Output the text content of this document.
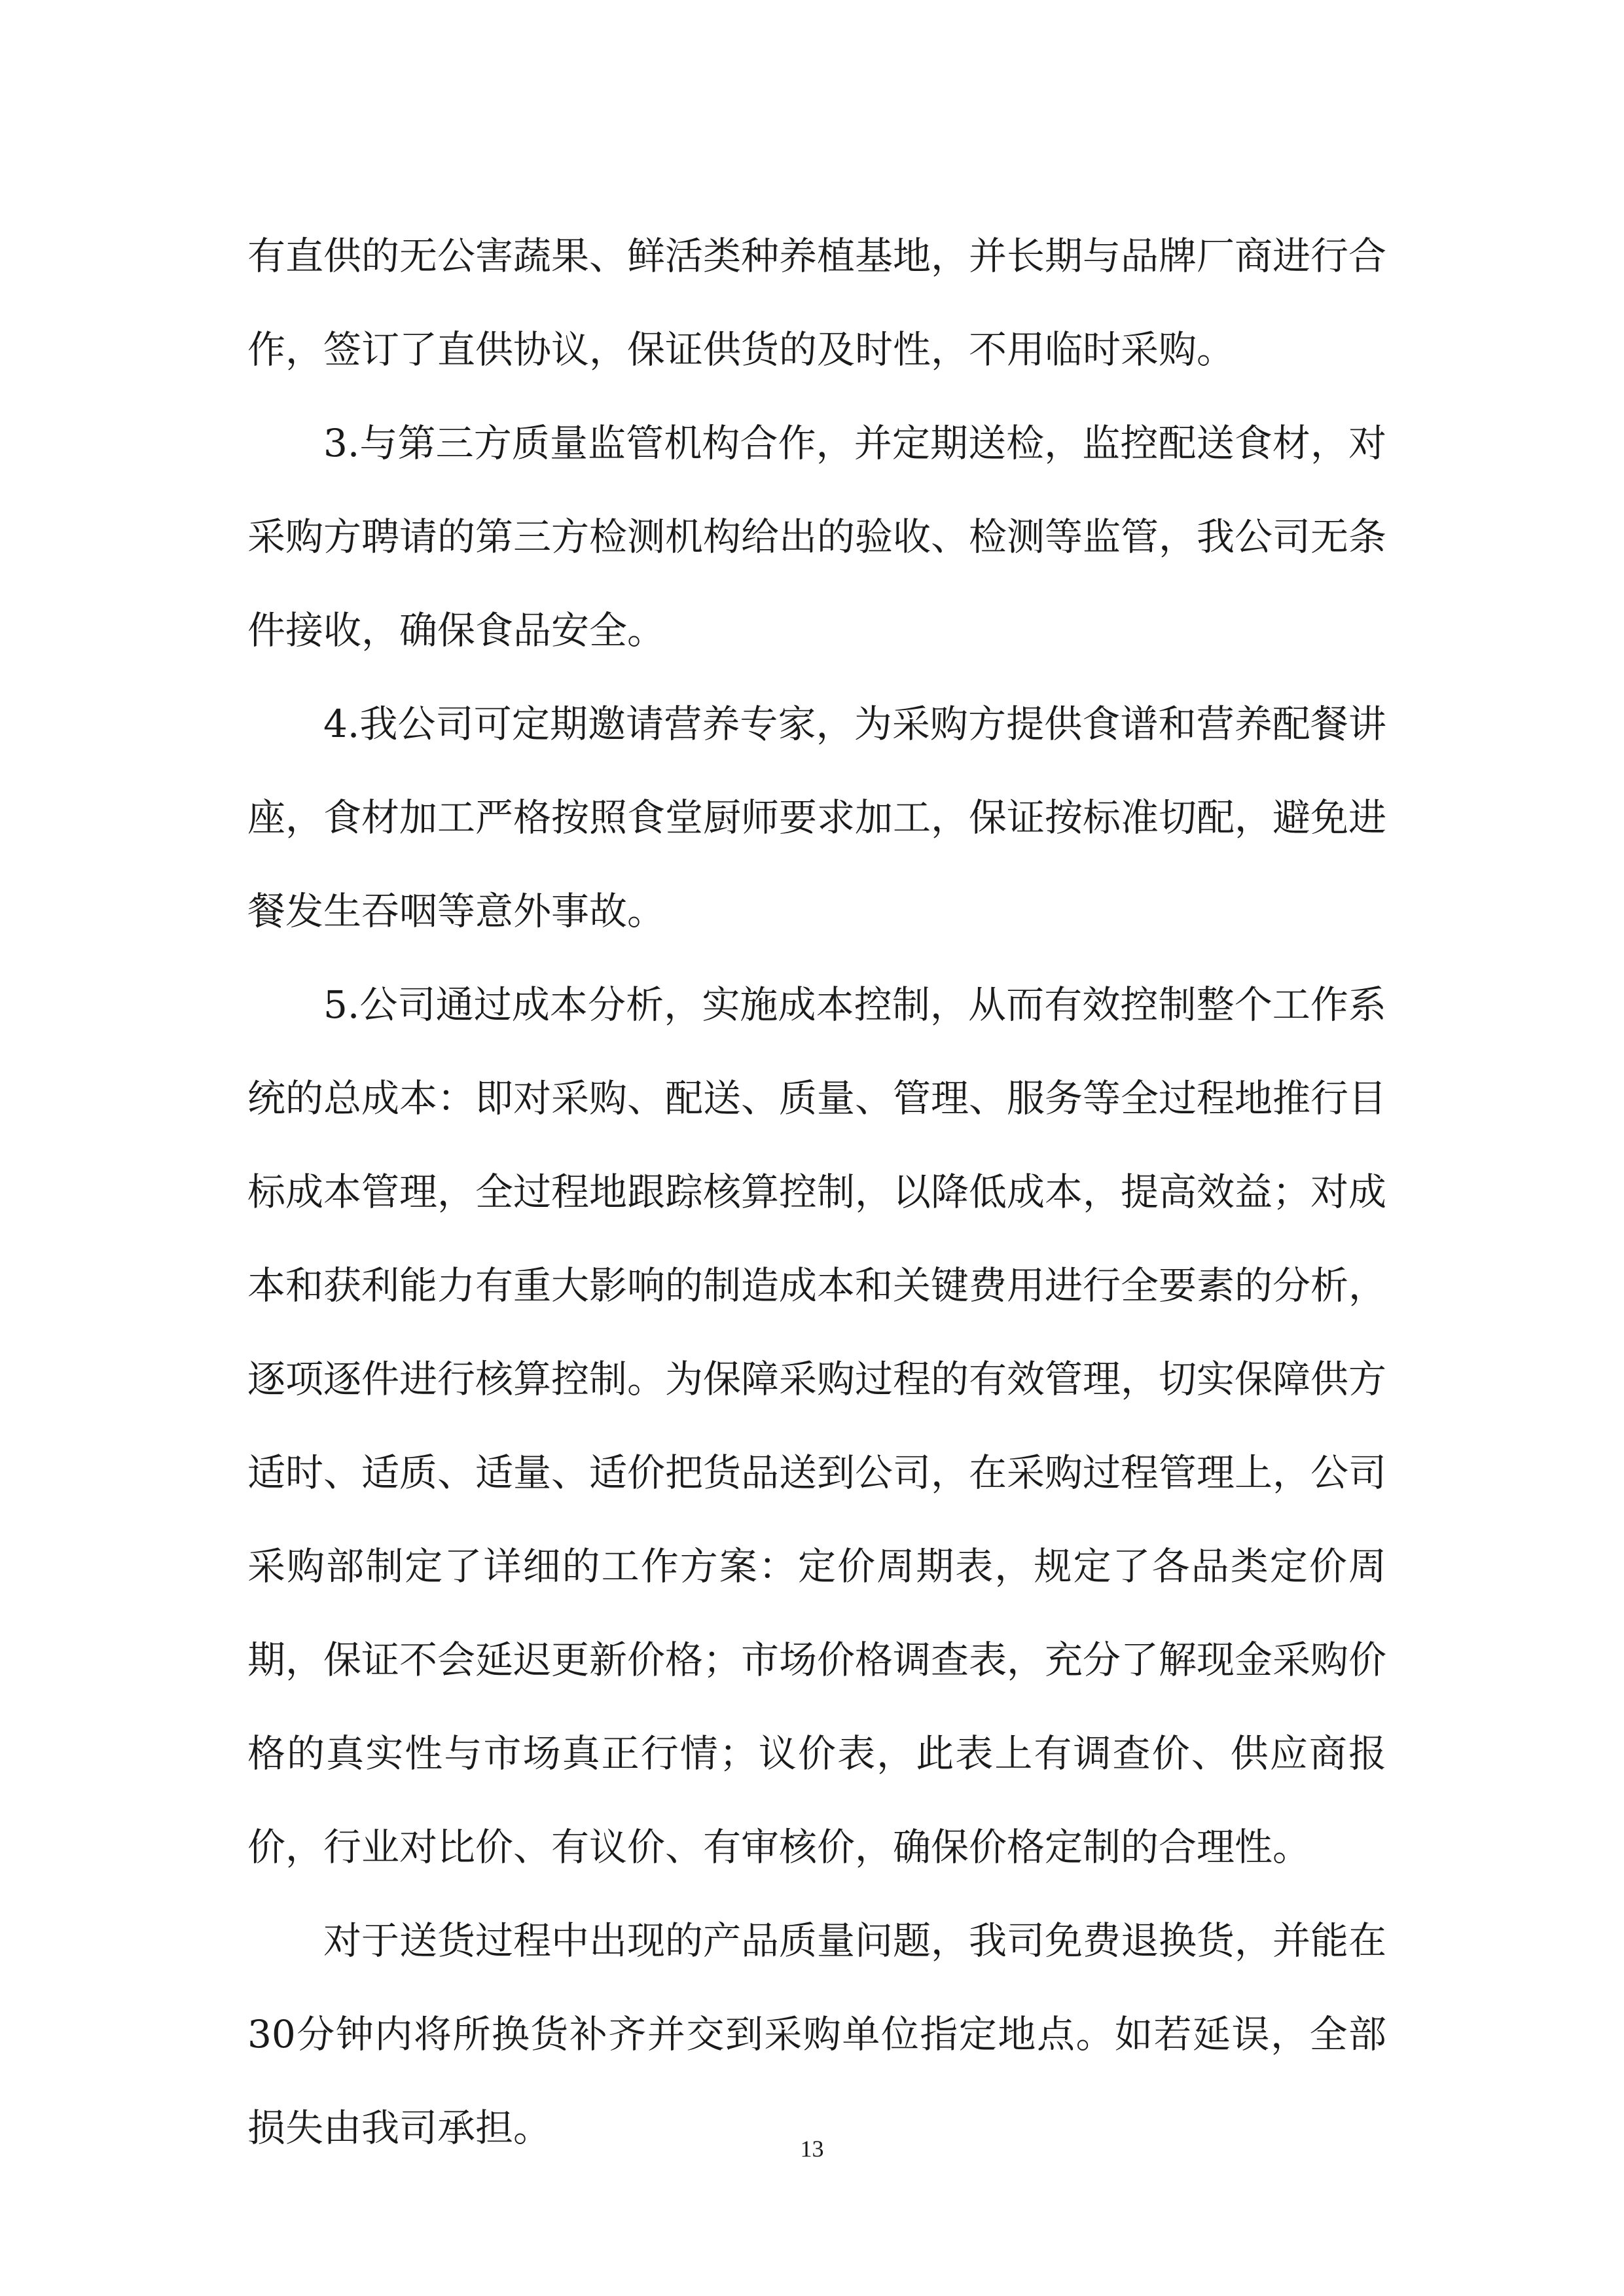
有直供的无公害蔬果、鲜活类种养植基地，并长期与品牌厂商进行合作，签订了直供协议，保证供货的及时性，不用临时采购。

3.与第三方质量监管机构合作，并定期送检，监控配送食材，对采购方聘请的第三方检测机构给出的验收、检测等监管，我公司无条件接收，确保食品安全。

4.我公司可定期邀请营养专家，为采购方提供食谱和营养配餐讲座，食材加工严格按照食堂厨师要求加工，保证按标准切配，避免进餐发生吞咽等意外事故。

5.公司通过成本分析，实施成本控制，从而有效控制整个工作系统的总成本：即对采购、配送、质量、管理、服务等全过程地推行目标成本管理，全过程地跟踪核算控制，以降低成本，提高效益；对成本和获利能力有重大影响的制造成本和关键费用进行全要素的分析，逐项逐件进行核算控制。为保障采购过程的有效管理，切实保障供方适时、适质、适量、适价把货品送到公司，在采购过程管理上，公司采购部制定了详细的工作方案：定价周期表，规定了各品类定价周期，保证不会延迟更新价格；市场价格调查表，充分了解现金采购价格的真实性与市场真正行情；议价表，此表上有调查价、供应商报价，行业对比价、有议价、有审核价，确保价格定制的合理性。

对于送货过程中出现的产品质量问题，我司免费退换货，并能在30分钟内将所换货补齐并交到采购单位指定地点。如若延误，全部损失由我司承担。	13
